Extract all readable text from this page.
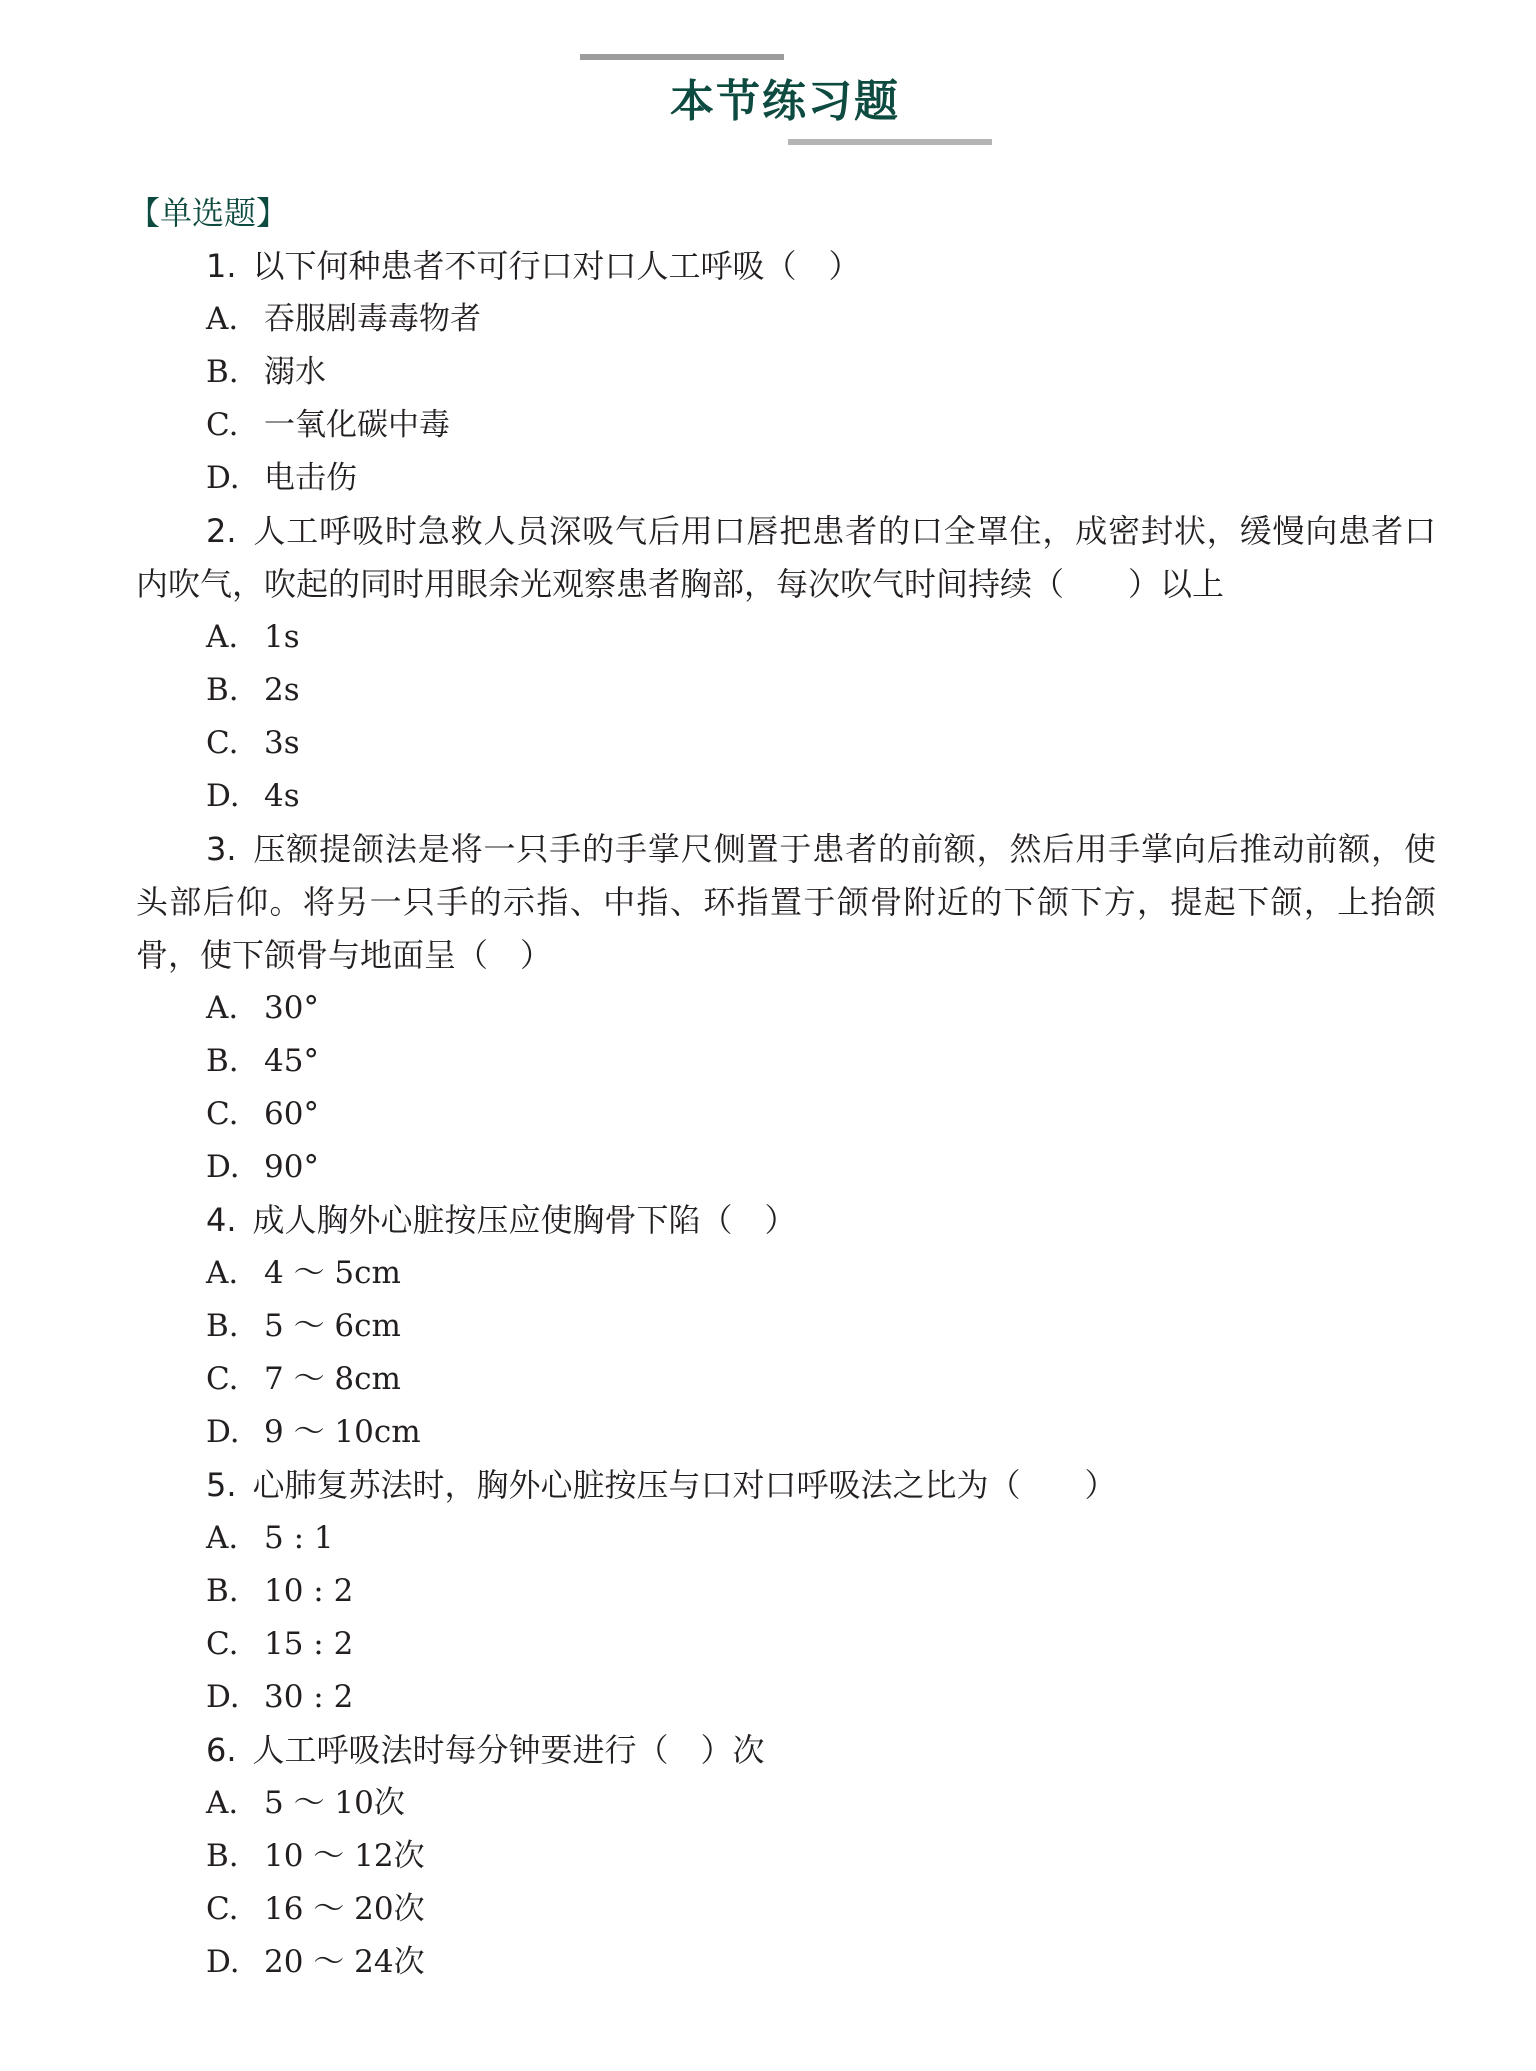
本节练习题
【单选题】

1.  以下何种患者不可行口对口人工呼吸（　）

A. 吞服剧毒毒物者
B. 溺水
C. 一氧化碳中毒
D. 电击伤

2.  人工呼吸时急救人员深吸气后用口唇把患者的口全罩住，成密封状，缓慢向患者口内吹气，吹起的同时用眼余光观察患者胸部，每次吹气时间持续（　　）以上

A. 1s
B. 2s
C. 3s
D. 4s

3.  压额提颌法是将一只手的手掌尺侧置于患者的前额，然后用手掌向后推动前额，使头部后仰。将另一只手的示指、中指、环指置于颌骨附近的下颌下方，提起下颌，上抬颌骨，使下颌骨与地面呈（　）

A. 30°
B. 45°
C. 60°
D. 90°

4.  成人胸外心脏按压应使胸骨下陷（　）

A. 4 ～ 5cm
B. 5 ～ 6cm
C. 7 ～ 8cm
D. 9 ～ 10cm

5.  心肺复苏法时，胸外心脏按压与口对口呼吸法之比为（　　）

A. 5 : 1
B. 10 : 2
C. 15 : 2
D. 30 : 2

6.  人工呼吸法时每分钟要进行（　）次

A. 5 ～ 10次
B. 10 ～ 12次
C. 16 ～ 20次
D. 20 ～ 24次
